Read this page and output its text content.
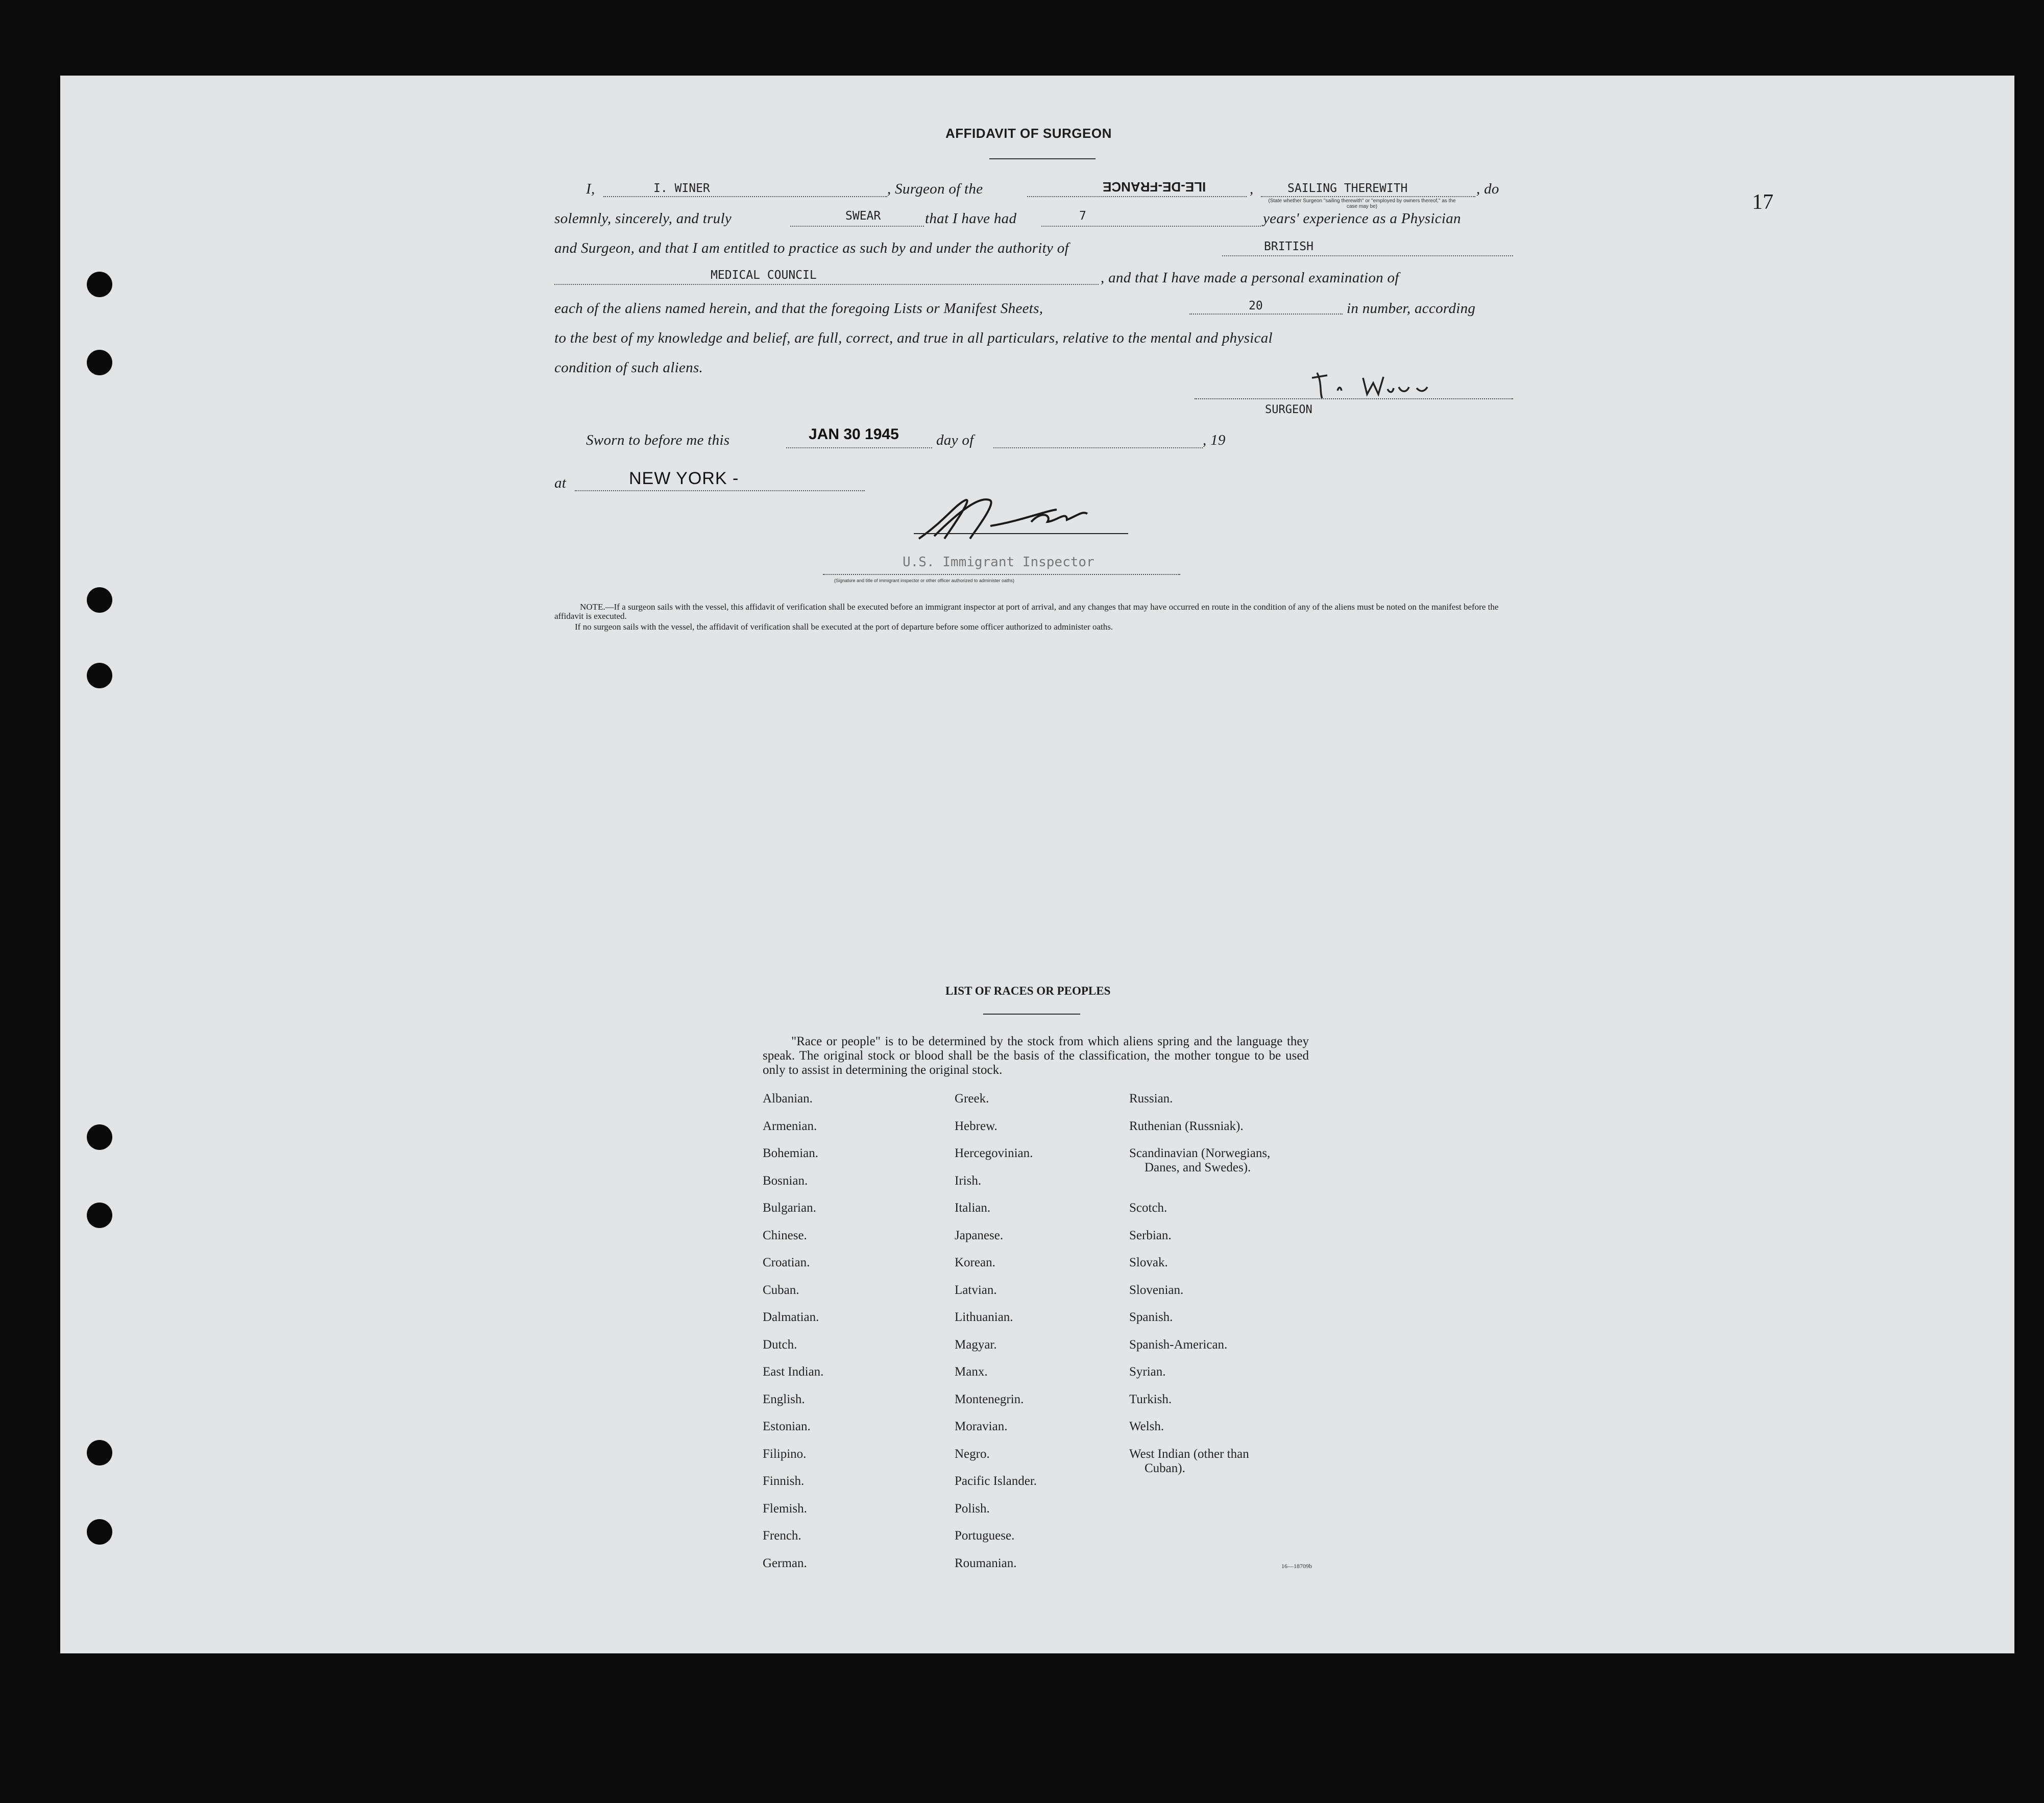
17
AFFIDAVIT OF SURGEON
I,	I. WINER	, Surgeon of the	ILE-DE-FRANCE	,	SAILING THEREWITH	, do
(State whether Surgeon "sailing therewith" or "employed by owners thereof," as the case may be)
solemnly, sincerely, and truly	SWEAR	that I have had	7	years' experience as a Physician
and Surgeon, and that I am entitled to practice as such by and under the authority of	BRITISH
MEDICAL COUNCIL	, and that I have made a personal examination of
each of the aliens named herein, and that the foregoing Lists or Manifest Sheets,	20	in number, according
to the best of my knowledge and belief, are full, correct, and true in all particulars, relative to the mental and physical
condition of such aliens.
SURGEON
Sworn to before me this	JAN 30 1945	day of	, 19
at	NEW YORK -
U.S. Immigrant Inspector
(Signature and title of immigrant inspector or other officer authorized to administer oaths)
NOTE.—If a surgeon sails with the vessel, this affidavit of verification shall be executed before an immigrant inspector at port of arrival, and any changes that may have occurred en route in the condition of any of the aliens must be noted on the manifest before the affidavit is executed.
If no surgeon sails with the vessel, the affidavit of verification shall be executed at the port of departure before some officer authorized to administer oaths.
LIST OF RACES OR PEOPLES
"Race or people" is to be determined by the stock from which aliens spring and the language they speak. The original stock or blood shall be the basis of the classification, the mother tongue to be used only to assist in determining the original stock.
Albanian.
Armenian.
Bohemian.
Bosnian.
Bulgarian.
Chinese.
Croatian.
Cuban.
Dalmatian.
Dutch.
East Indian.
English.
Estonian.
Filipino.
Finnish.
Flemish.
French.
German.
Greek.
Hebrew.
Hercegovinian.
Irish.
Italian.
Japanese.
Korean.
Latvian.
Lithuanian.
Magyar.
Manx.
Montenegrin.
Moravian.
Negro.
Pacific Islander.
Polish.
Portuguese.
Roumanian.
Russian.
Ruthenian (Russniak).
Scandinavian (Norwegians,
Danes, and Swedes).
Scotch.
Serbian.
Slovak.
Slovenian.
Spanish.
Spanish-American.
Syrian.
Turkish.
Welsh.
West Indian (other than
Cuban).
16—18709b
